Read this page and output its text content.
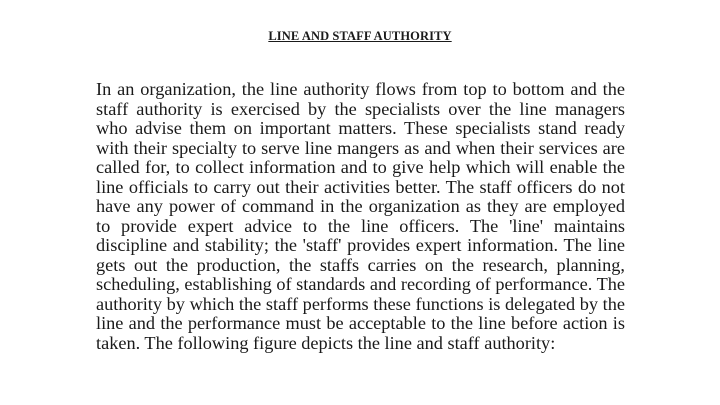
LINE AND STAFF AUTHORITY

In an organization, the line authority flows from top to bottom and the staff authority is exercised by the specialists over the line managers who advise them on important matters. These specialists stand ready with their specialty to serve line mangers as and when their services are called for, to collect information and to give help which will enable the line officials to carry out their activities better. The staff officers do not have any power of command in the organization as they are employed to provide expert advice to the line officers. The 'line' maintains discipline and stability; the 'staff' provides expert information. The line gets out the production, the staffs carries on the research, planning, scheduling, establishing of standards and recording of performance. The authority by which the staff performs these functions is delegated by the line and the performance must be acceptable to the line before action is taken. The following figure depicts the line and staff authority:
